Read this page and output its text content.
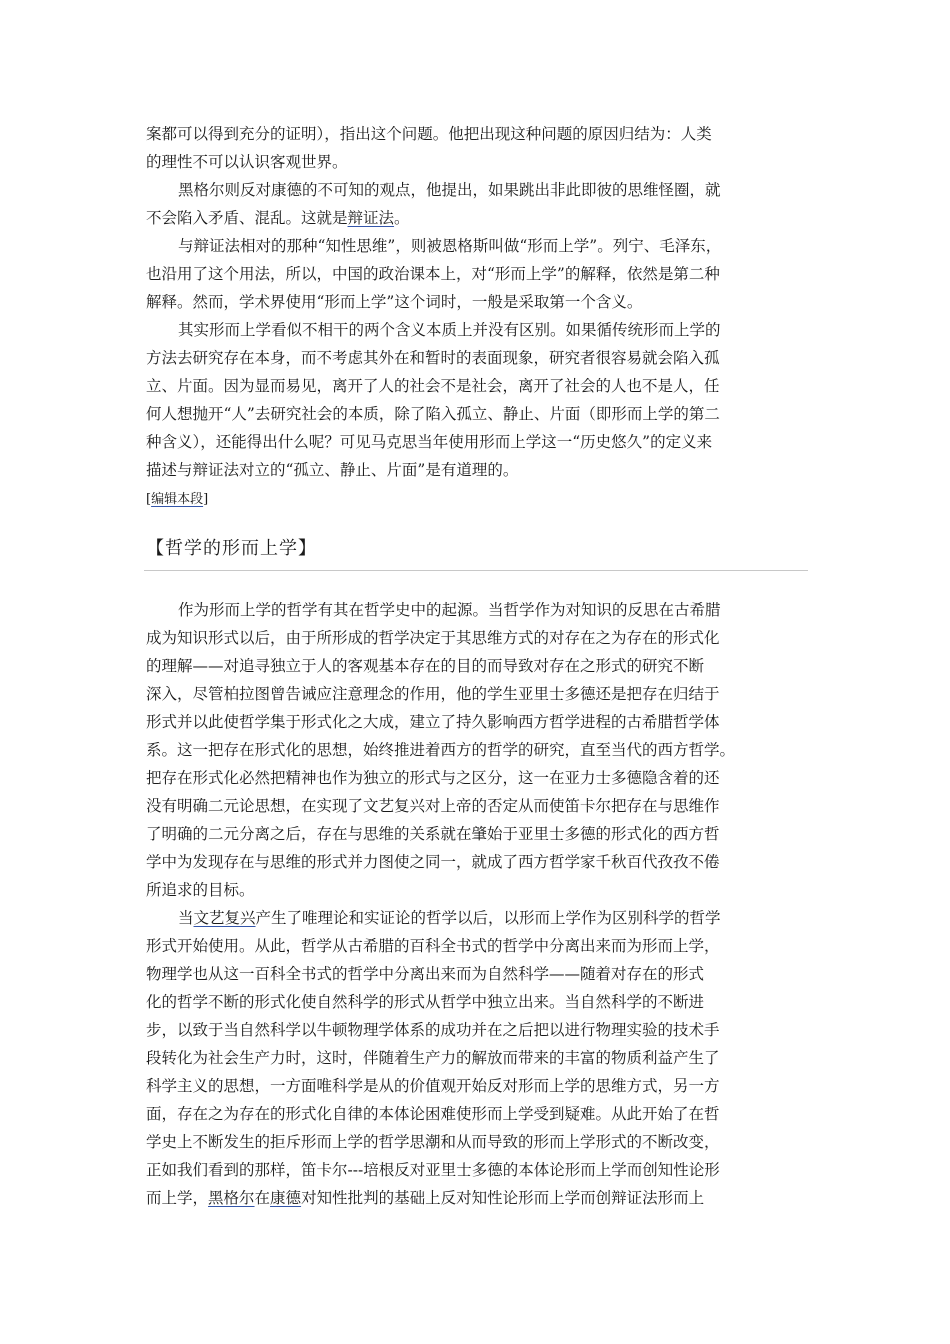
案都可以得到充分的证明），指出这个问题。他把出现这种问题的原因归结为：人类
的理性不可以认识客观世界。
黑格尔则反对康德的不可知的观点，他提出，如果跳出非此即彼的思维怪圈，就
不会陷入矛盾、混乱。这就是辩证法。
与辩证法相对的那种“知性思维”，则被恩格斯叫做“形而上学”。列宁、毛泽东，
也沿用了这个用法，所以，中国的政治课本上，对“形而上学”的解释，依然是第二种
解释。然而，学术界使用“形而上学”这个词时，一般是采取第一个含义。
其实形而上学看似不相干的两个含义本质上并没有区别。如果循传统形而上学的
方法去研究存在本身，而不考虑其外在和暂时的表面现象，研究者很容易就会陷入孤
立、片面。因为显而易见，离开了人的社会不是社会，离开了社会的人也不是人，任
何人想抛开“人”去研究社会的本质，除了陷入孤立、静止、片面（即形而上学的第二
种含义），还能得出什么呢？可见马克思当年使用形而上学这一“历史悠久”的定义来
描述与辩证法对立的“孤立、静止、片面”是有道理的。
[编辑本段]
【哲学的形而上学】
作为形而上学的哲学有其在哲学史中的起源。当哲学作为对知识的反思在古希腊
成为知识形式以后，由于所形成的哲学决定于其思维方式的对存在之为存在的形式化
的理解——对追寻独立于人的客观基本存在的目的而导致对存在之形式的研究不断
深入，尽管柏拉图曾告诫应注意理念的作用，他的学生亚里士多德还是把存在归结于
形式并以此使哲学集于形式化之大成，建立了持久影响西方哲学进程的古希腊哲学体
系。这一把存在形式化的思想，始终推进着西方的哲学的研究，直至当代的西方哲学。
把存在形式化必然把精神也作为独立的形式与之区分，这一在亚力士多德隐含着的还
没有明确二元论思想，在实现了文艺复兴对上帝的否定从而使笛卡尔把存在与思维作
了明确的二元分离之后，存在与思维的关系就在肇始于亚里士多德的形式化的西方哲
学中为发现存在与思维的形式并力图使之同一，就成了西方哲学家千秋百代孜孜不倦
所追求的目标。
当文艺复兴产生了唯理论和实证论的哲学以后，以形而上学作为区别科学的哲学
形式开始使用。从此，哲学从古希腊的百科全书式的哲学中分离出来而为形而上学，
物理学也从这一百科全书式的哲学中分离出来而为自然科学——随着对存在的形式
化的哲学不断的形式化使自然科学的形式从哲学中独立出来。当自然科学的不断进
步，以致于当自然科学以牛顿物理学体系的成功并在之后把以进行物理实验的技术手
段转化为社会生产力时，这时，伴随着生产力的解放而带来的丰富的物质利益产生了
科学主义的思想，一方面唯科学是从的价值观开始反对形而上学的思维方式，另一方
面，存在之为存在的形式化自律的本体论困难使形而上学受到疑难。从此开始了在哲
学史上不断发生的拒斥形而上学的哲学思潮和从而导致的形而上学形式的不断改变，
正如我们看到的那样，笛卡尔---培根反对亚里士多德的本体论形而上学而创知性论形
而上学，黑格尔在康德对知性批判的基础上反对知性论形而上学而创辩证法形而上
